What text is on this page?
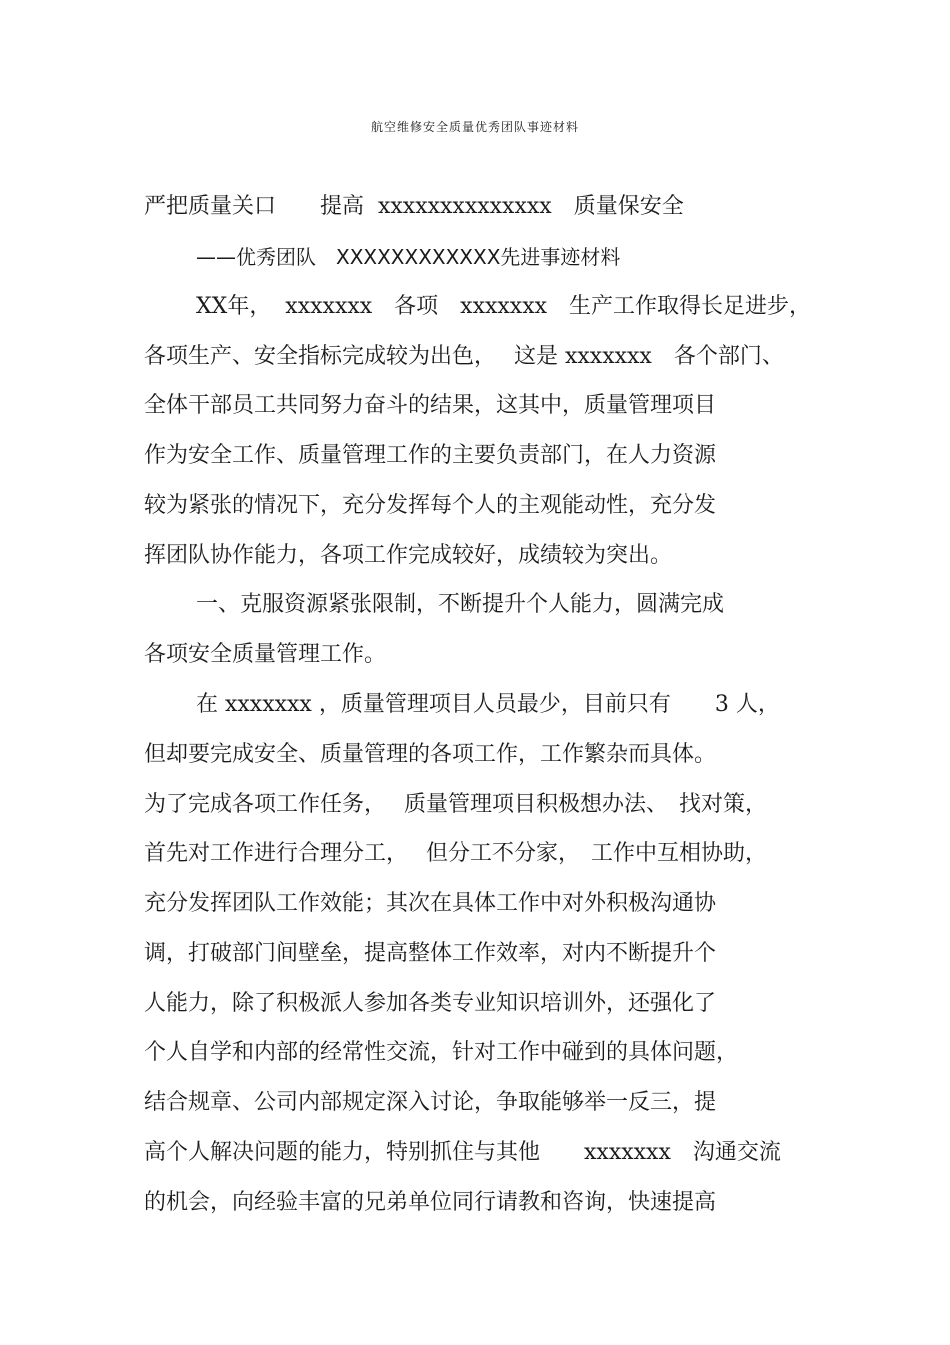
航空维修安全质量优秀团队事迹材料
严把质量关口　　提高  xxxxxxxxxxxxxx　质量保安全
——优秀团队　XXXXXXXXXXXX先进事迹材料
XX年，  xxxxxxx　各项　xxxxxxx　生产工作取得长足进步，
各项生产、安全指标完成较为出色，　 这是 xxxxxxx　各个部门、
全体干部员工共同努力奋斗的结果，这其中，质量管理项目
作为安全工作、质量管理工作的主要负责部门，在人力资源
较为紧张的情况下，充分发挥每个人的主观能动性，充分发
挥团队协作能力，各项工作完成较好，成绩较为突出。
一、克服资源紧张限制，不断提升个人能力，圆满完成
各项安全质量管理工作。
在 xxxxxxx ，质量管理项目人员最少，目前只有　　3 人，
但却要完成安全、质量管理的各项工作，工作繁杂而具体。
为了完成各项工作任务，　 质量管理项目积极想办法、　找对策，
首先对工作进行合理分工，　 但分工不分家，　工作中互相协助，
充分发挥团队工作效能；其次在具体工作中对外积极沟通协
调，打破部门间壁垒，提高整体工作效率，对内不断提升个
人能力，除了积极派人参加各类专业知识培训外，还强化了
个人自学和内部的经常性交流，针对工作中碰到的具体问题，
结合规章、公司内部规定深入讨论，争取能够举一反三，提
高个人解决问题的能力，特别抓住与其他　　xxxxxxx　沟通交流
的机会，向经验丰富的兄弟单位同行请教和咨询，快速提高
